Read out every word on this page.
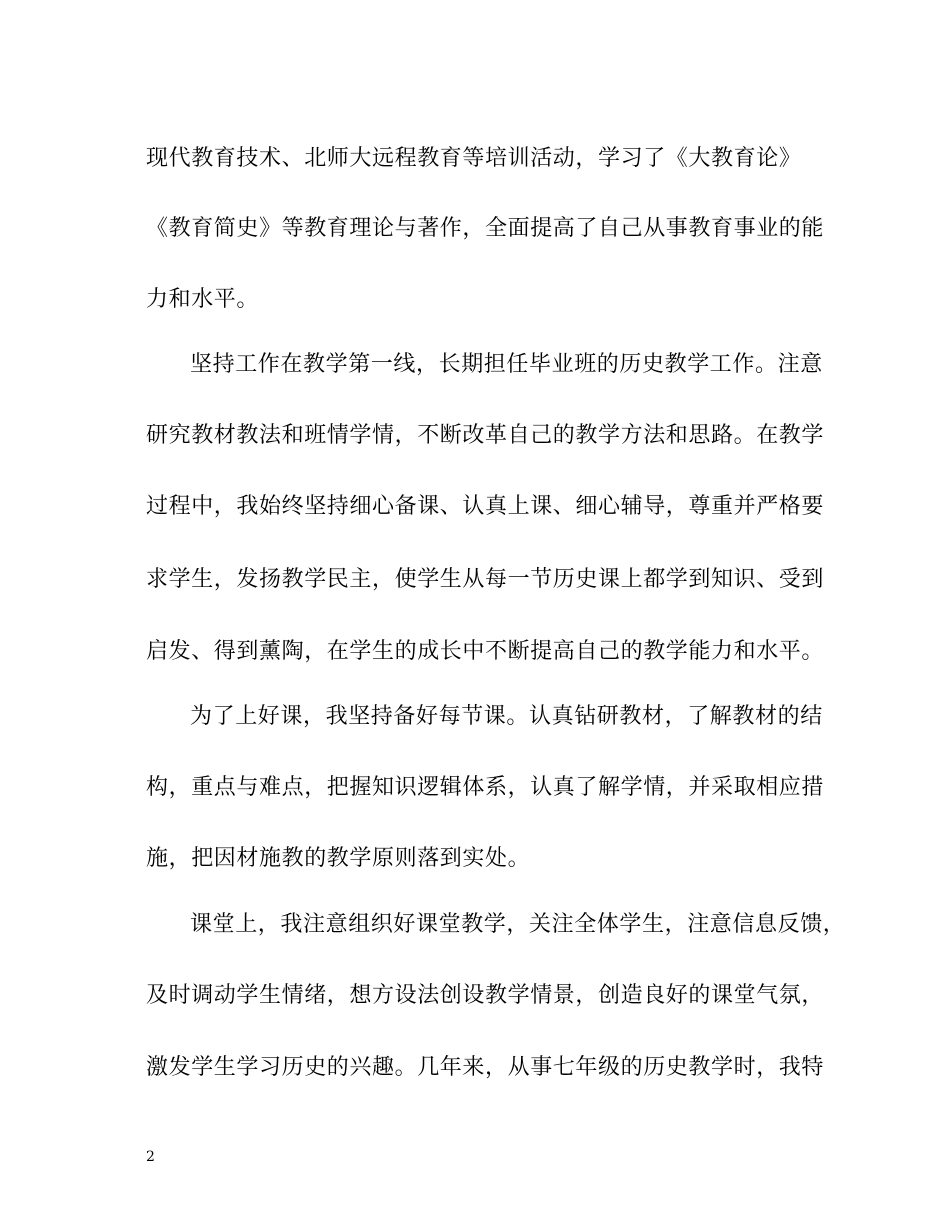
现代教育技术、北师大远程教育等培训活动，学习了《大教育论》
《教育简史》等教育理论与著作，全面提高了自己从事教育事业的能
力和水平。
坚持工作在教学第一线，长期担任毕业班的历史教学工作。注意
研究教材教法和班情学情，不断改革自己的教学方法和思路。在教学
过程中，我始终坚持细心备课、认真上课、细心辅导，尊重并严格要
求学生，发扬教学民主，使学生从每一节历史课上都学到知识、受到
启发、得到薰陶，在学生的成长中不断提高自己的教学能力和水平。
为了上好课，我坚持备好每节课。认真钻研教材，了解教材的结
构，重点与难点，把握知识逻辑体系，认真了解学情，并采取相应措
施，把因材施教的教学原则落到实处。
课堂上，我注意组织好课堂教学，关注全体学生，注意信息反馈，
及时调动学生情绪，想方设法创设教学情景，创造良好的课堂气氛，
激发学生学习历史的兴趣。几年来，从事七年级的历史教学时，我特
2
